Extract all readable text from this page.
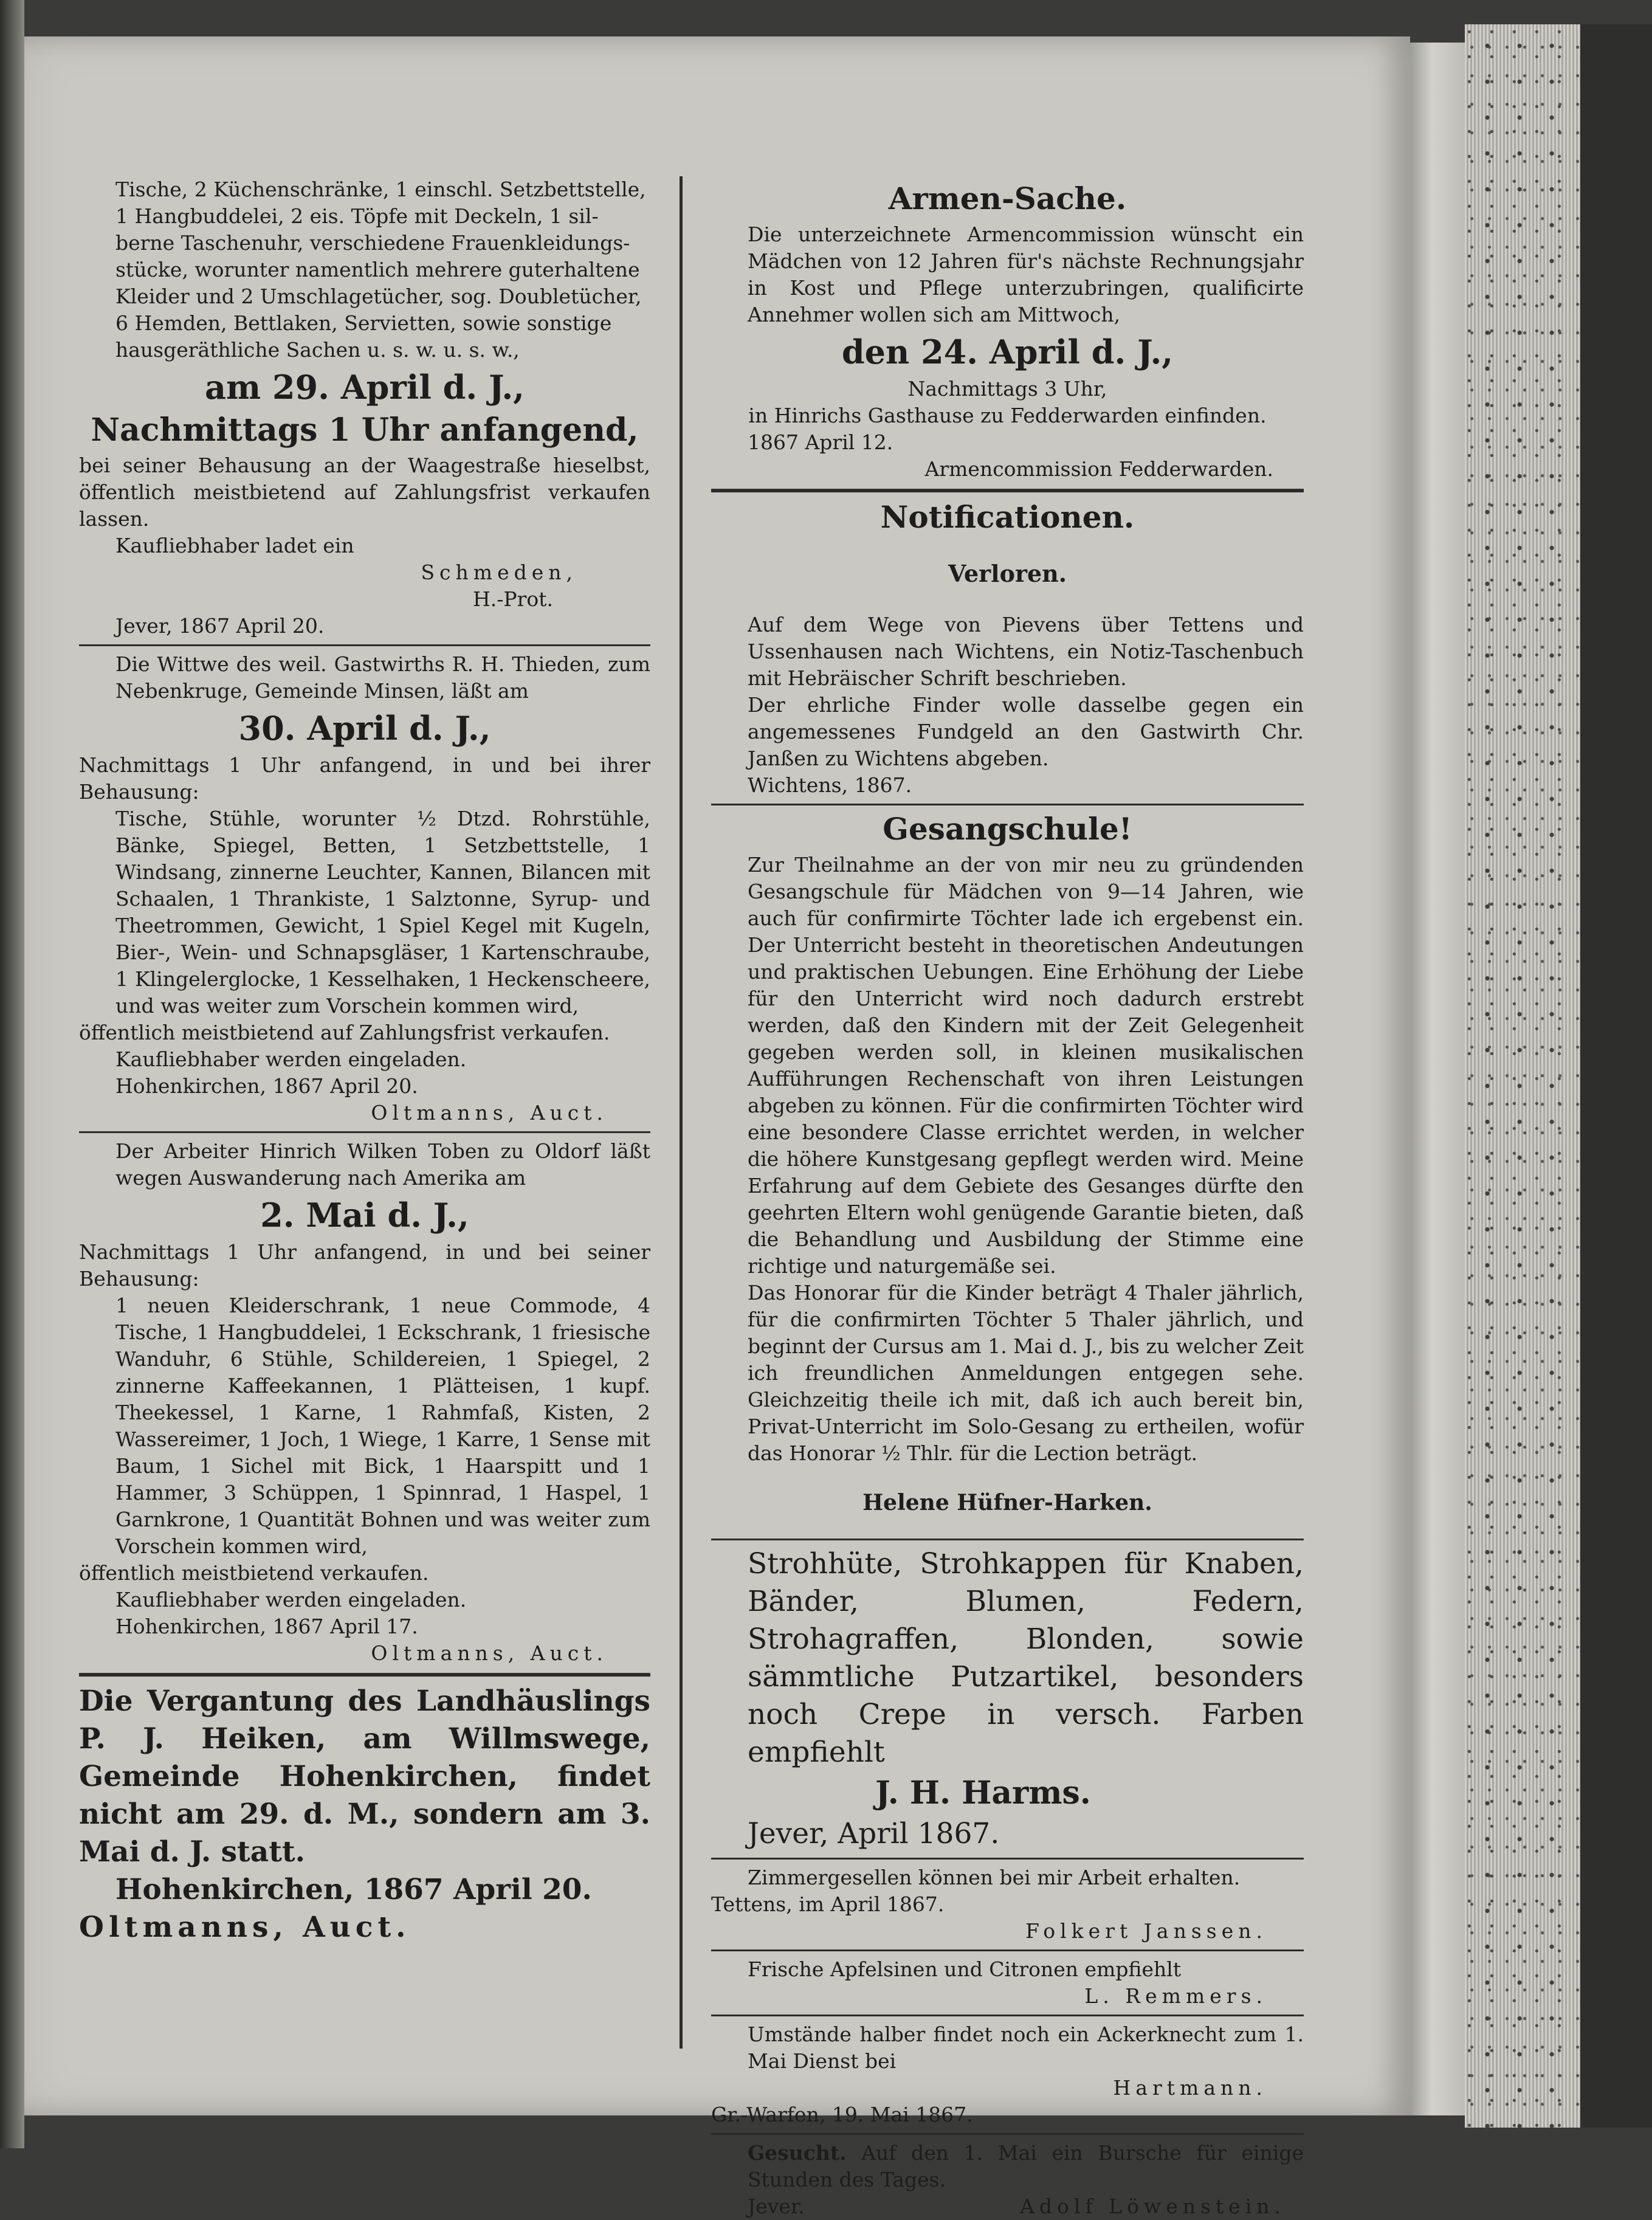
Tische, 2 Küchenschränke, 1 einschl. Setzbettstelle,

1 Hangbuddelei, 2 eis. Töpfe mit Deckeln, 1 sil-

berne Taschenuhr, verschiedene Frauenkleidungs-

stücke, worunter namentlich mehrere guterhaltene

Kleider und 2 Umschlagetücher, sog. Doubletücher,

6 Hemden, Bettlaken, Servietten, sowie sonstige

hausgeräthliche Sachen u. s. w. u. s. w.,

am 29. April d. J.,

Nachmittags 1 Uhr anfangend,

bei seiner Behausung an der Waagestraße hieselbst, öffentlich meistbietend auf Zahlungsfrist verkaufen lassen.

Kaufliebhaber ladet ein

Schmeden,

H.-Prot.

Jever, 1867 April 20.

Die Wittwe des weil. Gastwirths R. H. Thieden, zum Nebenkruge, Gemeinde Minsen, läßt am

30. April d. J.,

Nachmittags 1 Uhr anfangend, in und bei ihrer Behausung:

Tische, Stühle, worunter ½ Dtzd. Rohrstühle, Bänke, Spiegel, Betten, 1 Setzbettstelle, 1 Windsang, zinnerne Leuchter, Kannen, Bilancen mit Schaalen, 1 Thrankiste, 1 Salztonne, Syrup- und Theetrommen, Gewicht, 1 Spiel Kegel mit Kugeln, Bier-, Wein- und Schnapsgläser, 1 Kartenschraube, 1 Klingelerglocke, 1 Kesselhaken, 1 Heckenscheere, und was weiter zum Vorschein kommen wird,

öffentlich meistbietend auf Zahlungsfrist verkaufen.

Kaufliebhaber werden eingeladen.

Hohenkirchen, 1867 April 20.

Oltmanns, Auct.

Der Arbeiter Hinrich Wilken Toben zu Oldorf läßt wegen Auswanderung nach Amerika am

2. Mai d. J.,

Nachmittags 1 Uhr anfangend, in und bei seiner Behausung:

1 neuen Kleiderschrank, 1 neue Commode, 4 Tische, 1 Hangbuddelei, 1 Eckschrank, 1 friesische Wanduhr, 6 Stühle, Schildereien, 1 Spiegel, 2 zinnerne Kaffeekannen, 1 Plätteisen, 1 kupf. Theekessel, 1 Karne, 1 Rahmfaß, Kisten, 2 Wassereimer, 1 Joch, 1 Wiege, 1 Karre, 1 Sense mit Baum, 1 Sichel mit Bick, 1 Haarspitt und 1 Hammer, 3 Schüppen, 1 Spinnrad, 1 Haspel, 1 Garnkrone, 1 Quantität Bohnen und was weiter zum Vorschein kommen wird,

öffentlich meistbietend verkaufen.

Kaufliebhaber werden eingeladen.

Hohenkirchen, 1867 April 17.

Oltmanns, Auct.

Die Vergantung des Landhäuslings P. J. Heiken, am Willmswege, Gemeinde Hohenkirchen, findet nicht am 29. d. M., sondern am 3. Mai d. J. statt.

Hohenkirchen, 1867 April 20.

Oltmanns, Auct.

Armen-Sache.

Die unterzeichnete Armencommission wünscht ein Mädchen von 12 Jahren für's nächste Rechnungsjahr in Kost und Pflege unterzubringen, qualificirte Annehmer wollen sich am Mittwoch,

den 24. April d. J.,

Nachmittags 3 Uhr,

in Hinrichs Gasthause zu Fedderwarden einfinden.

1867 April 12.

Armencommission Fedderwarden.

Notificationen.

Verloren.

Auf dem Wege von Pievens über Tettens und Ussenhausen nach Wichtens, ein Notiz-Taschenbuch mit Hebräischer Schrift beschrieben.

Der ehrliche Finder wolle dasselbe gegen ein angemessenes Fundgeld an den Gastwirth Chr. Janßen zu Wichtens abgeben.

Wichtens, 1867.

Gesangschule!

Zur Theilnahme an der von mir neu zu gründenden Gesangschule für Mädchen von 9—14 Jahren, wie auch für confirmirte Töchter lade ich ergebenst ein. Der Unterricht besteht in theoretischen Andeutungen und praktischen Uebungen. Eine Erhöhung der Liebe für den Unterricht wird noch dadurch erstrebt werden, daß den Kindern mit der Zeit Gelegenheit gegeben werden soll, in kleinen musikalischen Aufführungen Rechenschaft von ihren Leistungen abgeben zu können. Für die confirmirten Töchter wird eine besondere Classe errichtet werden, in welcher die höhere Kunstgesang gepflegt werden wird. Meine Erfahrung auf dem Gebiete des Gesanges dürfte den geehrten Eltern wohl genügende Garantie bieten, daß die Behandlung und Ausbildung der Stimme eine richtige und naturgemäße sei.

Das Honorar für die Kinder beträgt 4 Thaler jährlich, für die confirmirten Töchter 5 Thaler jährlich, und beginnt der Cursus am 1. Mai d. J., bis zu welcher Zeit ich freundlichen Anmeldungen entgegen sehe. Gleichzeitig theile ich mit, daß ich auch bereit bin, Privat-Unterricht im Solo-Gesang zu ertheilen, wofür das Honorar ½ Thlr. für die Lection beträgt.

Helene Hüfner-Harken.

Strohhüte, Strohkappen für Knaben, Bänder, Blumen, Federn, Strohagraffen, Blonden, sowie sämmtliche Putzartikel, besonders noch Crepe in versch. Farben empfiehlt

J. H. Harms.

Jever, April 1867.

Zimmergesellen können bei mir Arbeit erhalten.

Tettens, im April 1867.

Folkert Janssen.

Frische Apfelsinen und Citronen empfiehlt

L. Remmers.

Umstände halber findet noch ein Ackerknecht zum 1. Mai Dienst bei

Hartmann.

Gr.-Warfen, 19. Mai 1867.

Gesucht. Auf den 1. Mai ein Bursche für einige Stunden des Tages.

Jever.	Adolf Löwenstein.
